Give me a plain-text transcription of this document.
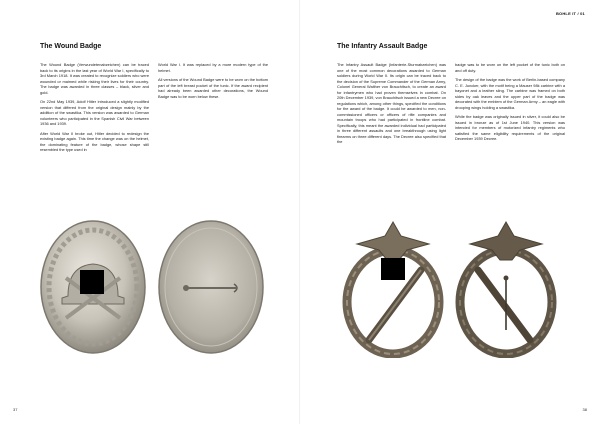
The Wound Badge

The Wound Badge (Verwundetenabzeichen) can be traced back to its origins in the last year of World War I, specifically to 3rd March 1918. It was created to recognize soldiers who were wounded or maimed while risking their lives for their country. The badge was awarded in three classes – black, silver and gold.

On 22nd May 1939, Adolf Hitler introduced a slightly modified version that differed from the original design mainly by the addition of the swastika. This version was awarded to German volunteers who participated in the Spanish Civil War between 1936 and 1939.

After World War II broke out, Hitler decided to redesign the existing badge again. This time the change was on the helmet, the dominating feature of the badge, whose shape still resembled the type used in

World War I. It was replaced by a more modern type of the helmet.

All versions of the Wound Badge were to be worn on the bottom part of the left breast pocket of the tunic. If the award recipient had already been awarded other decorations, the Wound Badge was to be worn below these.

37
BOHLE IT / 01
The Infantry Assault Badge

The Infantry Assault Badge (Infanterie-Sturmabzeichen) was one of the most common decorations awarded to German soldiers during World War II. Its origin can be traced back to the decision of the Supreme Commander of the German Army, Colonel General Walther von Brauchitsch, to create an award for infantrymen who had proven themselves in combat. On 20th December 1939, von Brauchitsch issued a new Decree on regulations which, among other things, specified the conditions for the award of the badge. It could be awarded to men, non-commissioned officers or officers of rifle companies and mountain troops who had participated in frontline combat. Specifically, this meant the awarded individual had participated in three different assaults and one breakthrough using light firearms on three different days. The Decree also specified that the

badge was to be worn on the left pocket of the tunic both on and off duty.

The design of the badge was the work of Berlin-based company C. E. Juncker, with the motif being a Mauser 98k carbine with a bayonet and a leather sling. The carbine was framed on both sides by oak leaves and the upper part of the badge was decorated with the emblem of the German Army – an eagle with drooping wings holding a swastika.

While the badge was originally issued in silver, it could also be issued in bronze as of 1st June 1940. This version was intended for members of motorized infantry regiments who satisfied the same eligibility requirements of the original December 1939 Decree.

38
